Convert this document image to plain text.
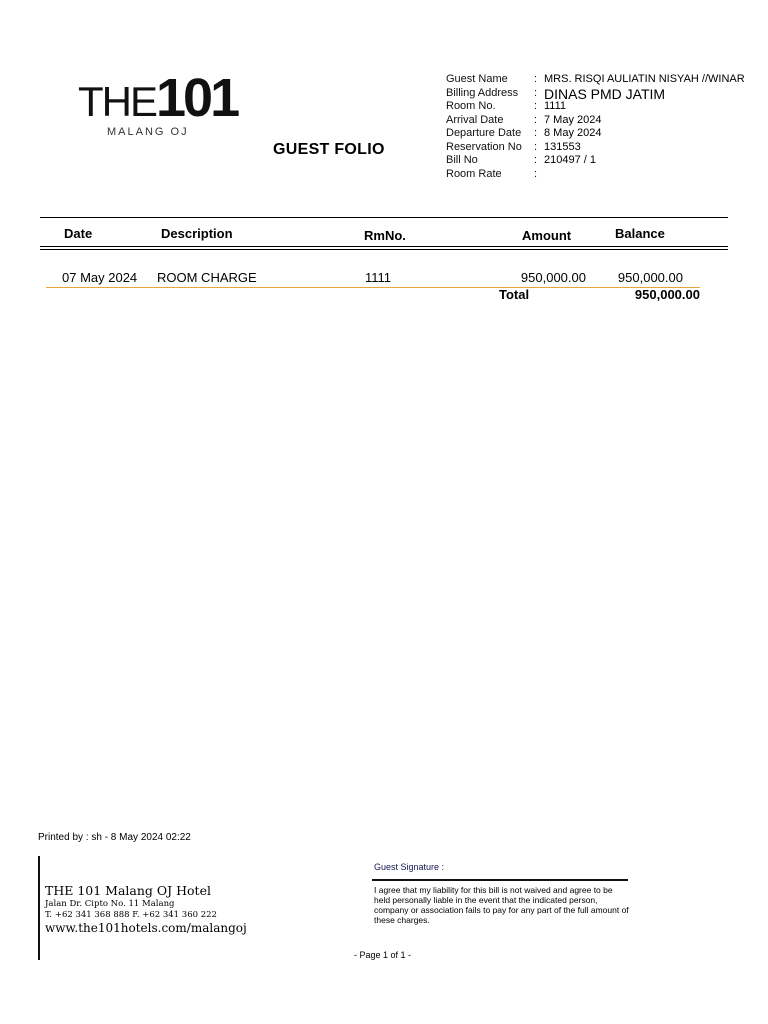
THE101
MALANG OJ
GUEST FOLIO
Guest Name	: MRS. RISQI AULIATIN NISYAH //WINAR
Billing Address	: DINAS PMD JATIM
Room No.	: 1111
Arrival Date	: 7 May 2024
Departure Date	: 8 May 2024
Reservation No	: 131553
Bill No	: 210497 / 1
Room Rate	:
Date	Description	RmNo.	Amount	Balance
07 May 2024 ROOM CHARGE	1111	950,000.00	950,000.00
Total	950,000.00
Printed by : sh - 8 May 2024 02:22
THE 101 Malang OJ Hotel
Jalan Dr. Cipto No. 11 Malang
T. +62 341 368 888 F. +62 341 360 222
www.the101hotels.com/malangoj
Guest Signature :
I agree that my liability for this bill is not waived and agree to be held personally liable in the event that the indicated person, company or association fails to pay for any part of the full amount of these charges.
- Page 1 of 1 -
